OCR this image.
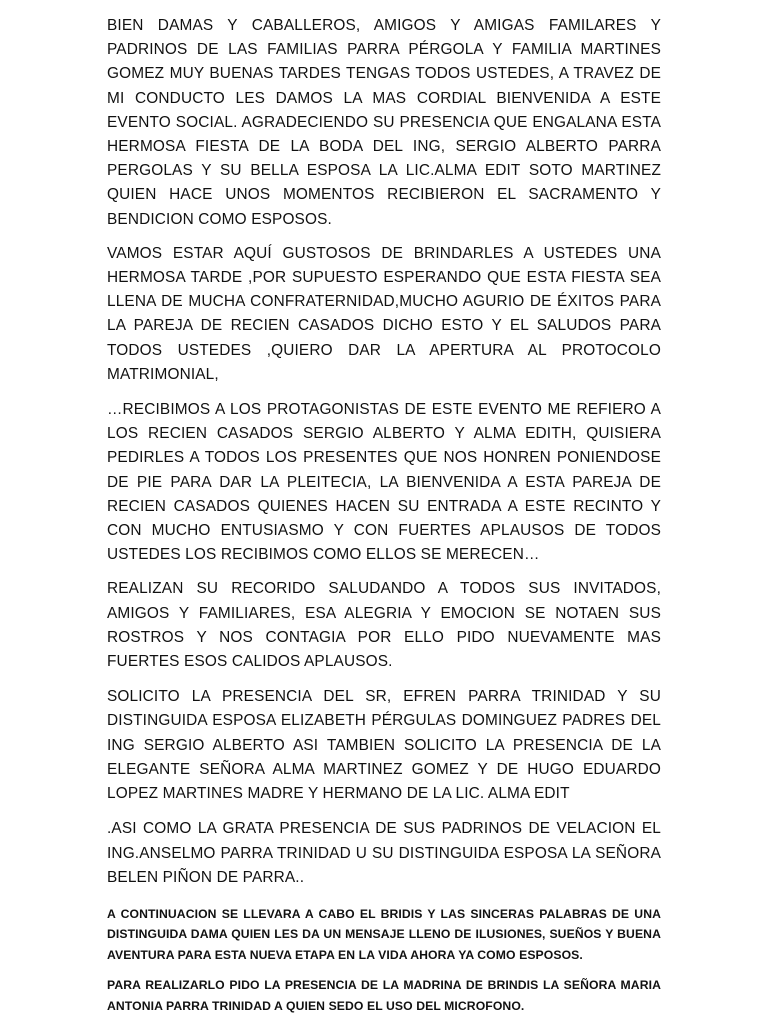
BIEN DAMAS Y CABALLEROS, AMIGOS Y AMIGAS FAMILARES Y PADRINOS DE LAS FAMILIAS PARRA PÉRGOLA Y FAMILIA MARTINES GOMEZ MUY BUENAS TARDES TENGAS TODOS USTEDES, A TRAVEZ DE MI CONDUCTO LES DAMOS LA MAS CORDIAL BIENVENIDA A ESTE EVENTO SOCIAL. AGRADECIENDO SU PRESENCIA QUE ENGALANA ESTA HERMOSA FIESTA DE LA BODA DEL ING, SERGIO ALBERTO PARRA PERGOLAS Y SU BELLA ESPOSA LA LIC.ALMA EDIT SOTO MARTINEZ QUIEN HACE UNOS MOMENTOS RECIBIERON EL SACRAMENTO Y BENDICION COMO ESPOSOS.

VAMOS ESTAR AQUÍ GUSTOSOS DE BRINDARLES A USTEDES UNA HERMOSA TARDE ,POR SUPUESTO ESPERANDO QUE ESTA FIESTA SEA LLENA DE MUCHA CONFRATERNIDAD,MUCHO AGURIO DE ÉXITOS PARA LA PAREJA DE RECIEN CASADOS DICHO ESTO Y EL SALUDOS PARA TODOS USTEDES ,QUIERO DAR LA APERTURA AL PROTOCOLO MATRIMONIAL,

…RECIBIMOS A LOS PROTAGONISTAS DE ESTE EVENTO ME REFIERO A LOS RECIEN CASADOS SERGIO ALBERTO Y ALMA EDITH, QUISIERA PEDIRLES A TODOS LOS PRESENTES QUE NOS HONREN PONIENDOSE DE PIE PARA DAR LA PLEITECIA, LA BIENVENIDA A ESTA PAREJA DE RECIEN CASADOS QUIENES HACEN SU ENTRADA A ESTE RECINTO Y CON MUCHO ENTUSIASMO Y CON FUERTES APLAUSOS DE TODOS USTEDES LOS RECIBIMOS COMO ELLOS SE MERECEN…

REALIZAN SU RECORIDO SALUDANDO A TODOS SUS INVITADOS, AMIGOS Y FAMILIARES, ESA ALEGRIA Y EMOCION SE NOTAEN SUS ROSTROS Y NOS CONTAGIA POR ELLO PIDO NUEVAMENTE MAS FUERTES ESOS CALIDOS APLAUSOS.

SOLICITO LA PRESENCIA DEL SR, EFREN PARRA TRINIDAD Y SU DISTINGUIDA ESPOSA ELIZABETH PÉRGULAS DOMINGUEZ PADRES DEL ING SERGIO ALBERTO ASI TAMBIEN SOLICITO LA PRESENCIA DE LA ELEGANTE SEÑORA ALMA MARTINEZ GOMEZ Y DE HUGO EDUARDO LOPEZ MARTINES MADRE Y HERMANO DE LA LIC. ALMA EDIT

.ASI COMO LA GRATA PRESENCIA DE SUS PADRINOS DE VELACION EL ING.ANSELMO PARRA TRINIDAD U SU DISTINGUIDA ESPOSA LA SEÑORA BELEN PIÑON DE PARRA..

A CONTINUACION SE LLEVARA A CABO EL BRIDIS Y LAS SINCERAS PALABRAS DE UNA DISTINGUIDA DAMA QUIEN LES DA UN MENSAJE LLENO DE ILUSIONES, SUEÑOS Y BUENA AVENTURA PARA ESTA NUEVA ETAPA EN LA VIDA AHORA YA COMO ESPOSOS.

PARA REALIZARLO PIDO LA PRESENCIA DE LA MADRINA DE BRINDIS LA SEÑORA MARIA ANTONIA PARRA TRINIDAD A QUIEN SEDO EL USO DEL MICROFONO.
